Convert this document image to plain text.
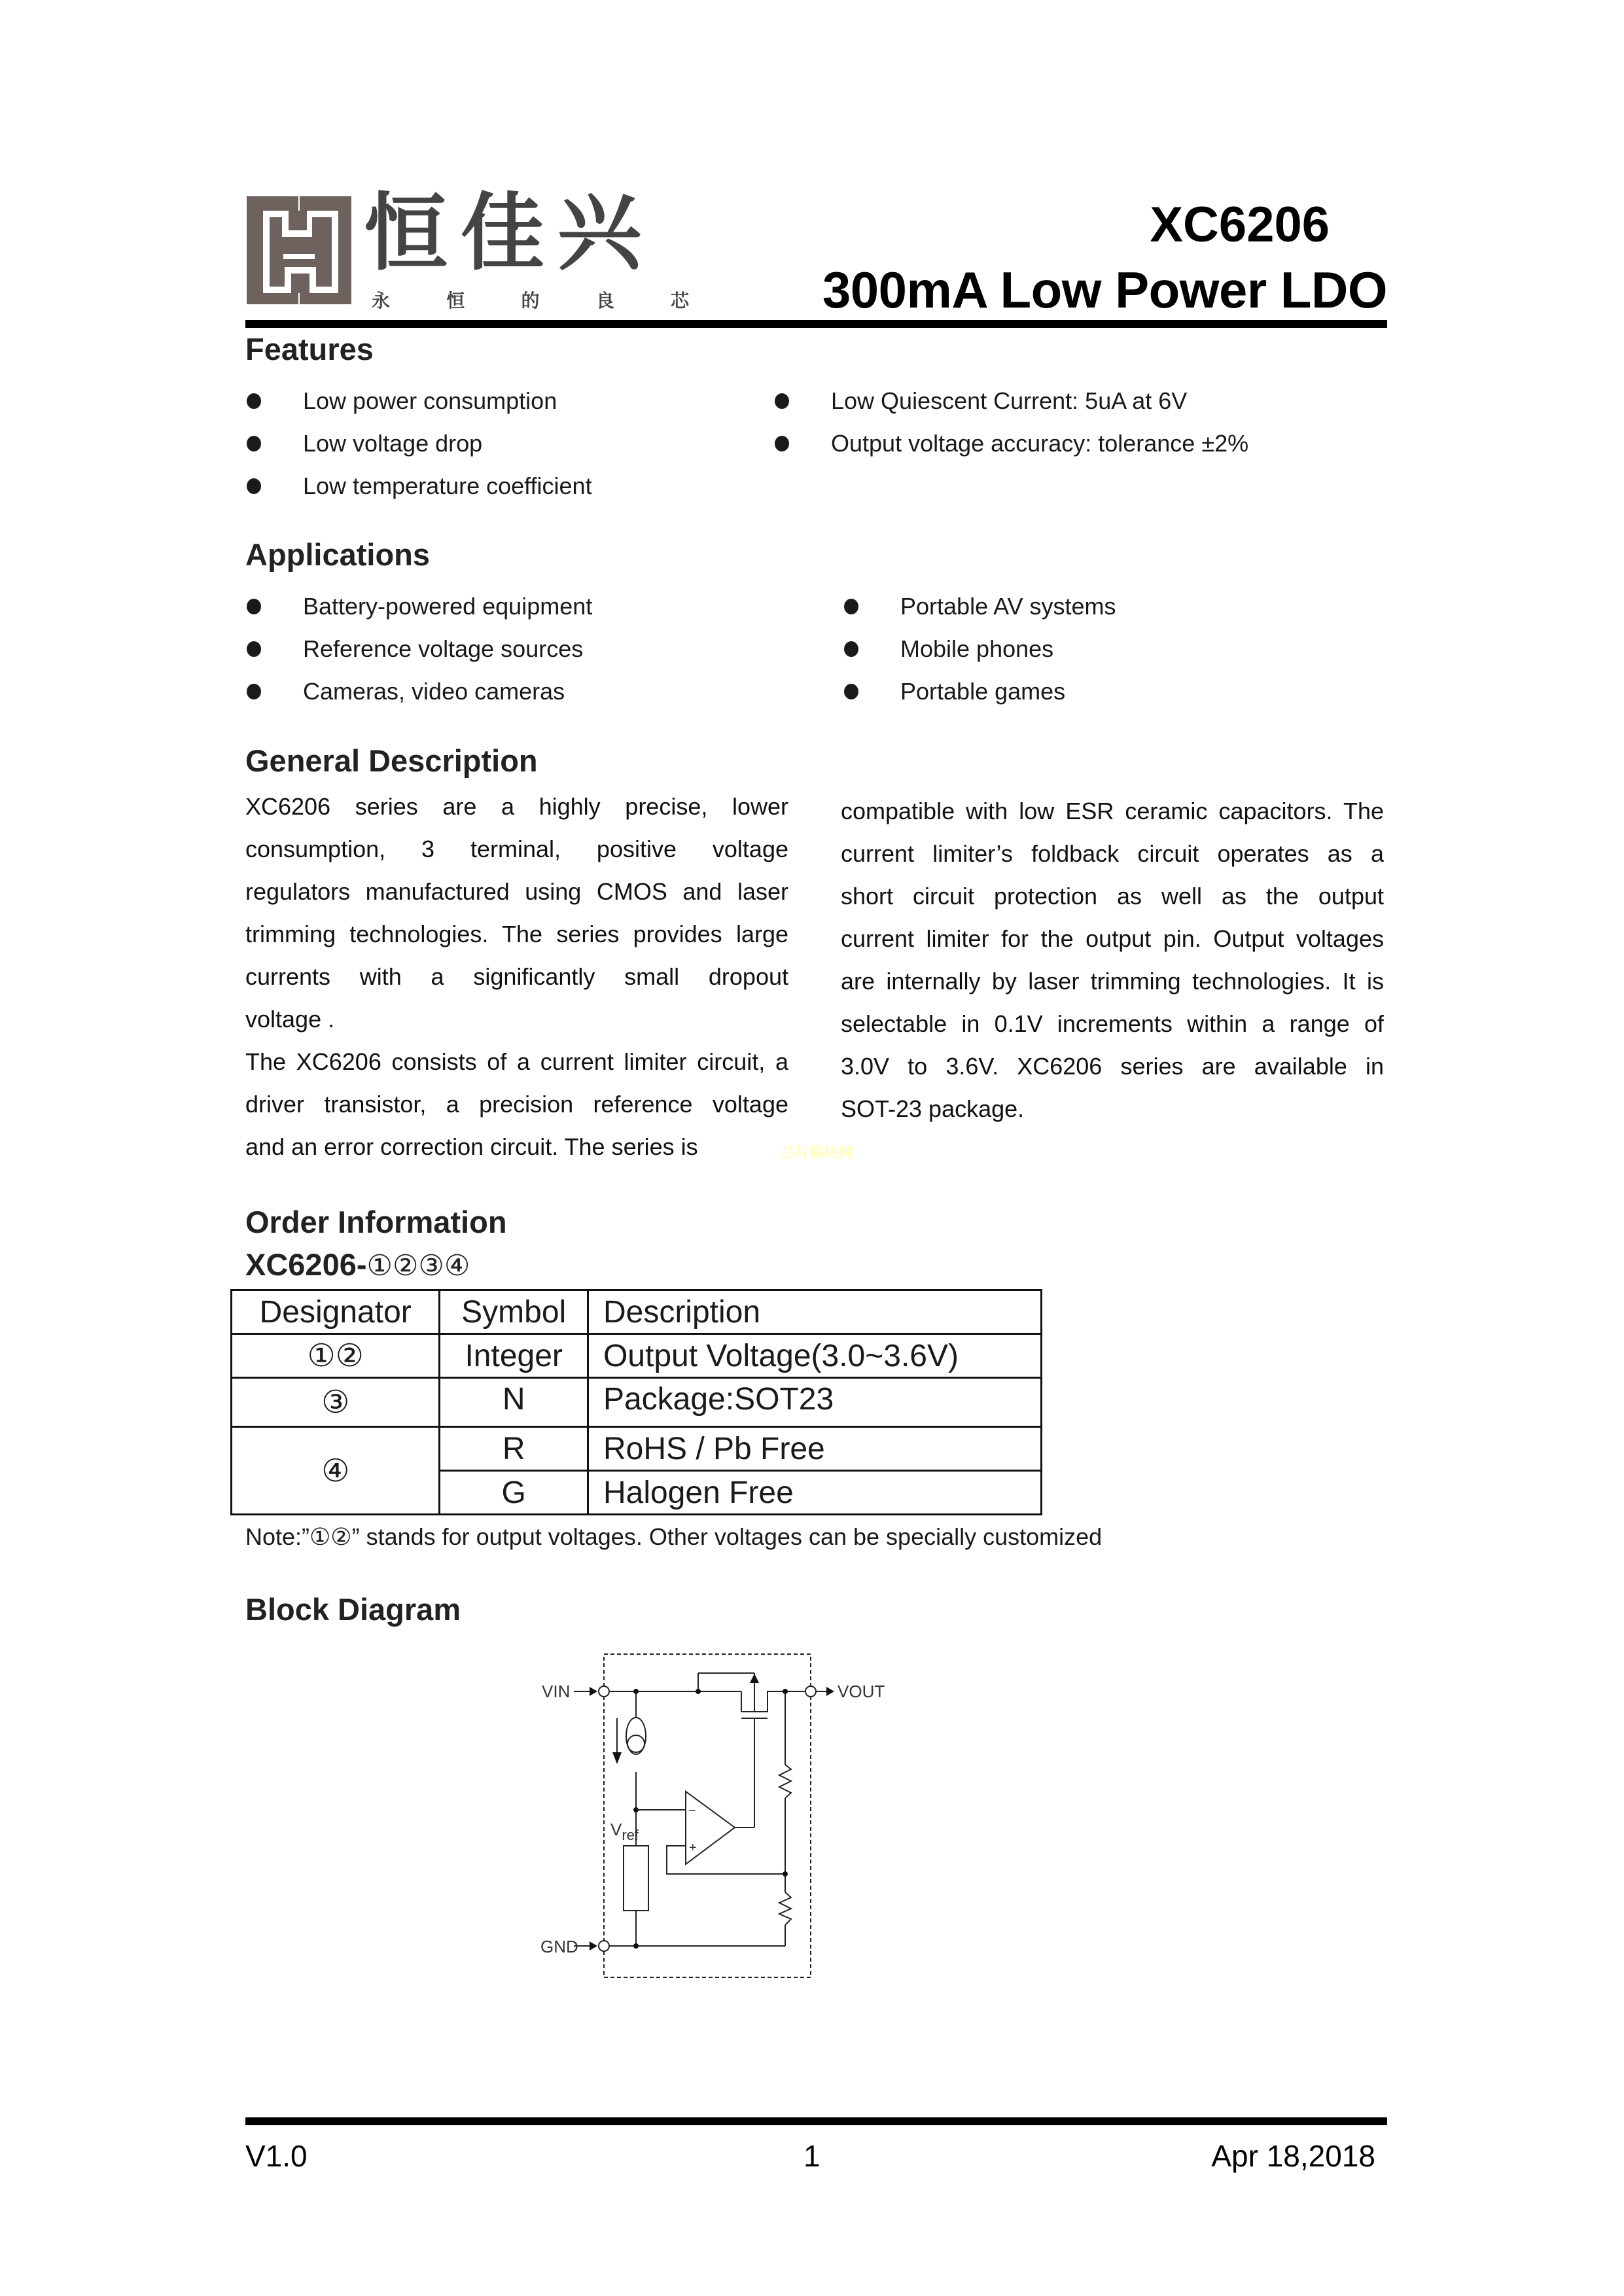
恒佳兴
永	恒	的	良	芯
XC6206
300mA Low Power LDO
Features
Low power consumption
Low voltage drop
Low temperature coefficient
Low Quiescent Current: 5uA at 6V
Output voltage accuracy: tolerance ±2%
Applications
Battery-powered equipment
Reference voltage sources
Cameras, video cameras
Portable AV systems
Mobile phones
Portable games
General Description
XC6206 series are a highly precise, lower
consumption, 3 terminal, positive voltage
regulators manufactured using CMOS and laser
trimming technologies. The series provides large
currents with a significantly small dropout
voltage .
The XC6206 consists of a current limiter circuit, a
driver transistor, a precision reference voltage
and an error correction circuit. The series is
compatible with low ESR ceramic capacitors. The
current limiter’s foldback circuit operates as a
short circuit protection as well as the output
current limiter for the output pin. Output voltages
are internally by laser trimming technologies. It is
selectable in 0.1V increments within a range of
3.0V to 3.6V. XC6206 series are available in
SOT-23 package.
芯片模块网
Order Information
XC6206-①②③④
Designator	Symbol	Description
①②	Integer	Output Voltage(3.0~3.6V)
③	N	Package:SOT23
④	R	RoHS / Pb Free
	G	Halogen Free
Note:”①②” stands for output voltages. Other voltages can be specially customized
Block Diagram
VIN	VOUT
GND
$V_{ref}$
−
+
V1.0	1	Apr 18,2018
